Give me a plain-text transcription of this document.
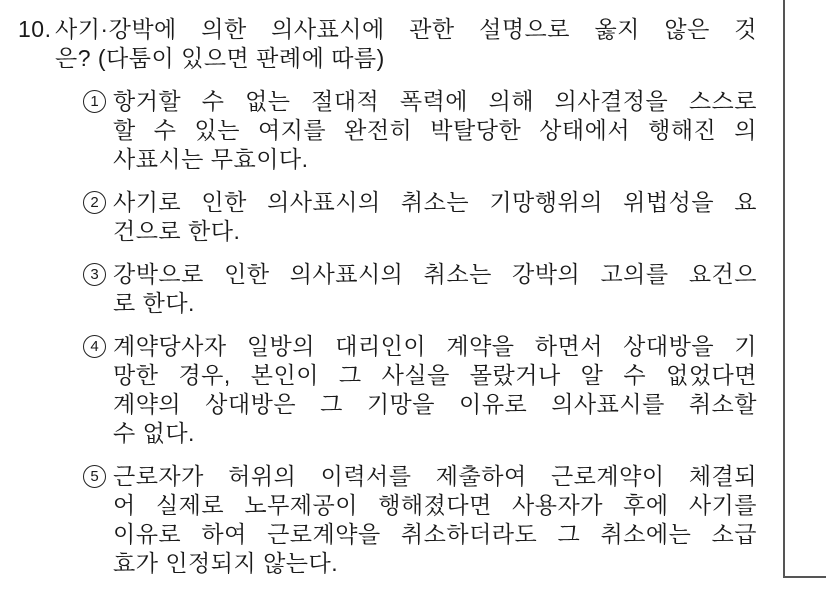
10. 사기·강박에 의한 의사표시에 관한 설명으로 옳지 않은 것
은? (다툼이 있으면 판례에 따름)
1 항거할 수 없는 절대적 폭력에 의해 의사결정을 스스로
할 수 있는 여지를 완전히 박탈당한 상태에서 행해진 의
사표시는 무효이다.
2 사기로 인한 의사표시의 취소는 기망행위의 위법성을 요
건으로 한다.
3 강박으로 인한 의사표시의 취소는 강박의 고의를 요건으
로 한다.
4 계약당사자 일방의 대리인이 계약을 하면서 상대방을 기
망한 경우, 본인이 그 사실을 몰랐거나 알 수 없었다면
계약의 상대방은 그 기망을 이유로 의사표시를 취소할
수 없다.
5 근로자가 허위의 이력서를 제출하여 근로계약이 체결되
어 실제로 노무제공이 행해졌다면 사용자가 후에 사기를
이유로 하여 근로계약을 취소하더라도 그 취소에는 소급
효가 인정되지 않는다.
